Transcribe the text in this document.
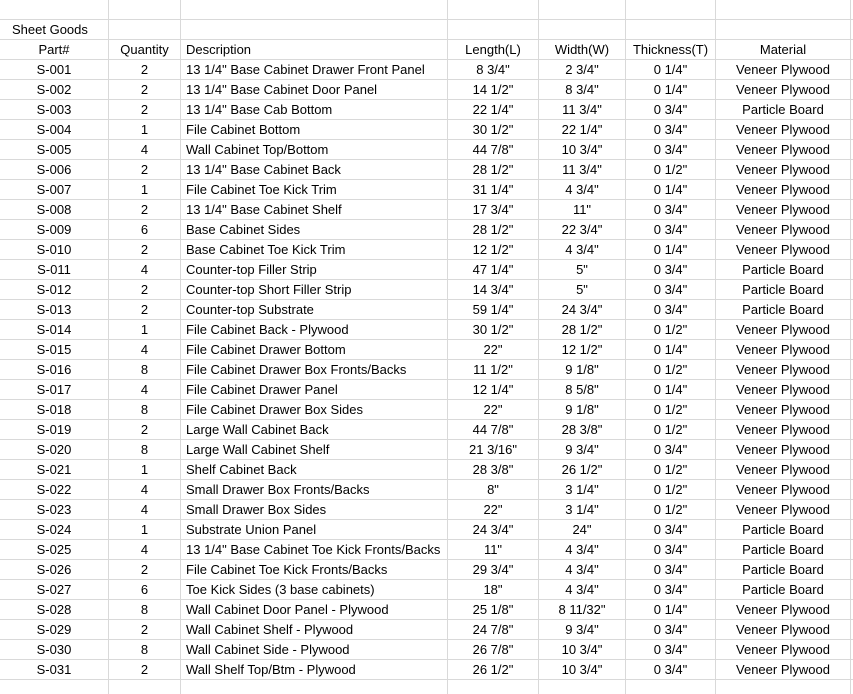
Sheet Goods
Part#	Quantity	Description	Length(L)	Width(W)	Thickness(T)	Material
S-001	2	13 1/4" Base Cabinet Drawer Front Panel	8 3/4"	2 3/4"	0 1/4"	Veneer Plywood
S-002	2	13 1/4" Base Cabinet Door Panel	14 1/2"	8 3/4"	0 1/4"	Veneer Plywood
S-003	2	13 1/4" Base Cab Bottom	22 1/4"	11 3/4"	0 3/4"	Particle Board
S-004	1	File Cabinet Bottom	30 1/2"	22 1/4"	0 3/4"	Veneer Plywood
S-005	4	Wall Cabinet Top/Bottom	44 7/8"	10 3/4"	0 3/4"	Veneer Plywood
S-006	2	13 1/4" Base Cabinet Back	28 1/2"	11 3/4"	0 1/2"	Veneer Plywood
S-007	1	File Cabinet Toe Kick Trim	31 1/4"	4 3/4"	0 1/4"	Veneer Plywood
S-008	2	13 1/4" Base Cabinet Shelf	17 3/4"	11"	0 3/4"	Veneer Plywood
S-009	6	Base Cabinet Sides	28 1/2"	22 3/4"	0 3/4"	Veneer Plywood
S-010	2	Base Cabinet Toe Kick Trim	12 1/2"	4 3/4"	0 1/4"	Veneer Plywood
S-011	4	Counter-top Filler Strip	47 1/4"	5"	0 3/4"	Particle Board
S-012	2	Counter-top Short Filler Strip	14 3/4"	5"	0 3/4"	Particle Board
S-013	2	Counter-top Substrate	59 1/4"	24 3/4"	0 3/4"	Particle Board
S-014	1	File Cabinet Back - Plywood	30 1/2"	28 1/2"	0 1/2"	Veneer Plywood
S-015	4	File Cabinet Drawer Bottom	22"	12 1/2"	0 1/4"	Veneer Plywood
S-016	8	File Cabinet Drawer Box Fronts/Backs	11 1/2"	9 1/8"	0 1/2"	Veneer Plywood
S-017	4	File Cabinet Drawer Panel	12 1/4"	8 5/8"	0 1/4"	Veneer Plywood
S-018	8	File Cabinet Drawer Box Sides	22"	9 1/8"	0 1/2"	Veneer Plywood
S-019	2	Large Wall Cabinet Back	44 7/8"	28 3/8"	0 1/2"	Veneer Plywood
S-020	8	Large Wall Cabinet Shelf	21 3/16"	9 3/4"	0 3/4"	Veneer Plywood
S-021	1	Shelf Cabinet Back	28 3/8"	26 1/2"	0 1/2"	Veneer Plywood
S-022	4	Small Drawer Box Fronts/Backs	8"	3 1/4"	0 1/2"	Veneer Plywood
S-023	4	Small Drawer Box Sides	22"	3 1/4"	0 1/2"	Veneer Plywood
S-024	1	Substrate Union Panel	24 3/4"	24"	0 3/4"	Particle Board
S-025	4	13 1/4" Base Cabinet Toe Kick Fronts/Backs	11"	4 3/4"	0 3/4"	Particle Board
S-026	2	File Cabinet Toe Kick Fronts/Backs	29 3/4"	4 3/4"	0 3/4"	Particle Board
S-027	6	Toe Kick Sides (3 base cabinets)	18"	4 3/4"	0 3/4"	Particle Board
S-028	8	Wall Cabinet Door Panel - Plywood	25 1/8"	8 11/32"	0 1/4"	Veneer Plywood
S-029	2	Wall Cabinet Shelf - Plywood	24 7/8"	9 3/4"	0 3/4"	Veneer Plywood
S-030	8	Wall Cabinet Side - Plywood	26 7/8"	10 3/4"	0 3/4"	Veneer Plywood
S-031	2	Wall Shelf Top/Btm - Plywood	26 1/2"	10 3/4"	0 3/4"	Veneer Plywood
